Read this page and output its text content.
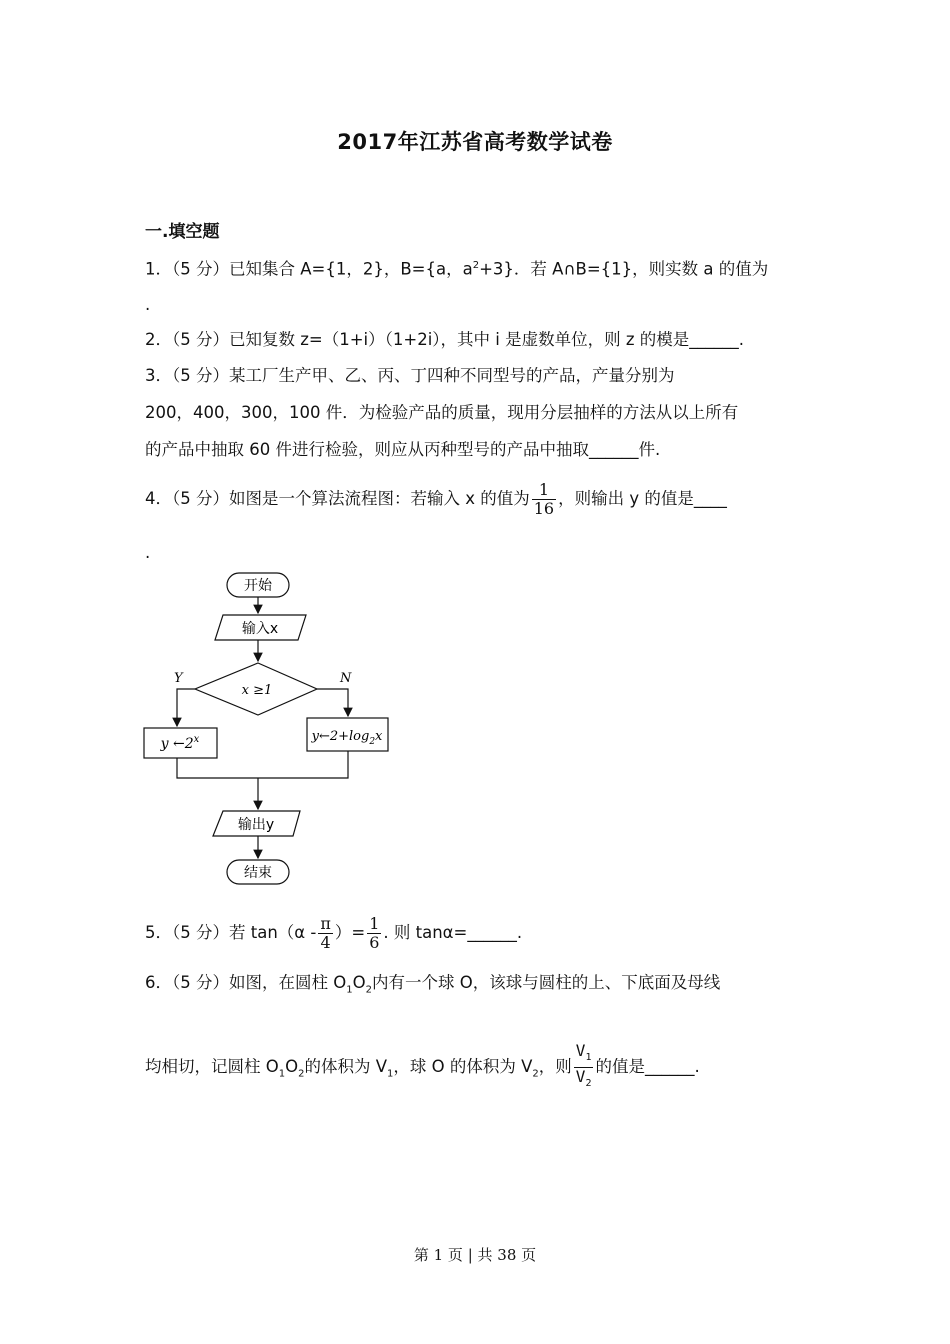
2017年江苏省高考数学试卷
一.填空题
1．（5 分）已知集合 A={1，2}，B={a，$a^2+3$}．若 A∩B={1}，则实数 a 的值为
.
2．（5 分）已知复数 z=（1+i）（1+2i），其中 i 是虚数单位，则 z 的模是______.
3．（5 分）某工厂生产甲、乙、丙、丁四种不同型号的产品，产量分别为
200，400，300，100 件．为检验产品的质量，现用分层抽样的方法从以上所有
的产品中抽取 60 件进行检验，则应从丙种型号的产品中抽取______件.
4．（5 分）如图是一个算法流程图：若输入 x 的值为 $\frac{1}{16}$ ，则输出 y 的值是____
.
开始
输入x
x ≥1
Y
y ←2$^x$
N
$y\leftarrow 2+\log_2x$
输出y
结束
5．（5 分）若 $\tan(\alpha - \frac{\pi}{4}$ ）= $\frac{1}{6}$ . 则 tanα=______.
6．（5 分）如图，在圆柱 $O_1O_2$内有一个球 O，该球与圆柱的上、下底面及母线
均相切，记圆柱 $O_1O_2$的体积为 $V_1$，球 O 的体积为 $V_2$，则 $\frac{V_1}{V_2}$ 的值是______.
第 1 页 | 共 38 页
